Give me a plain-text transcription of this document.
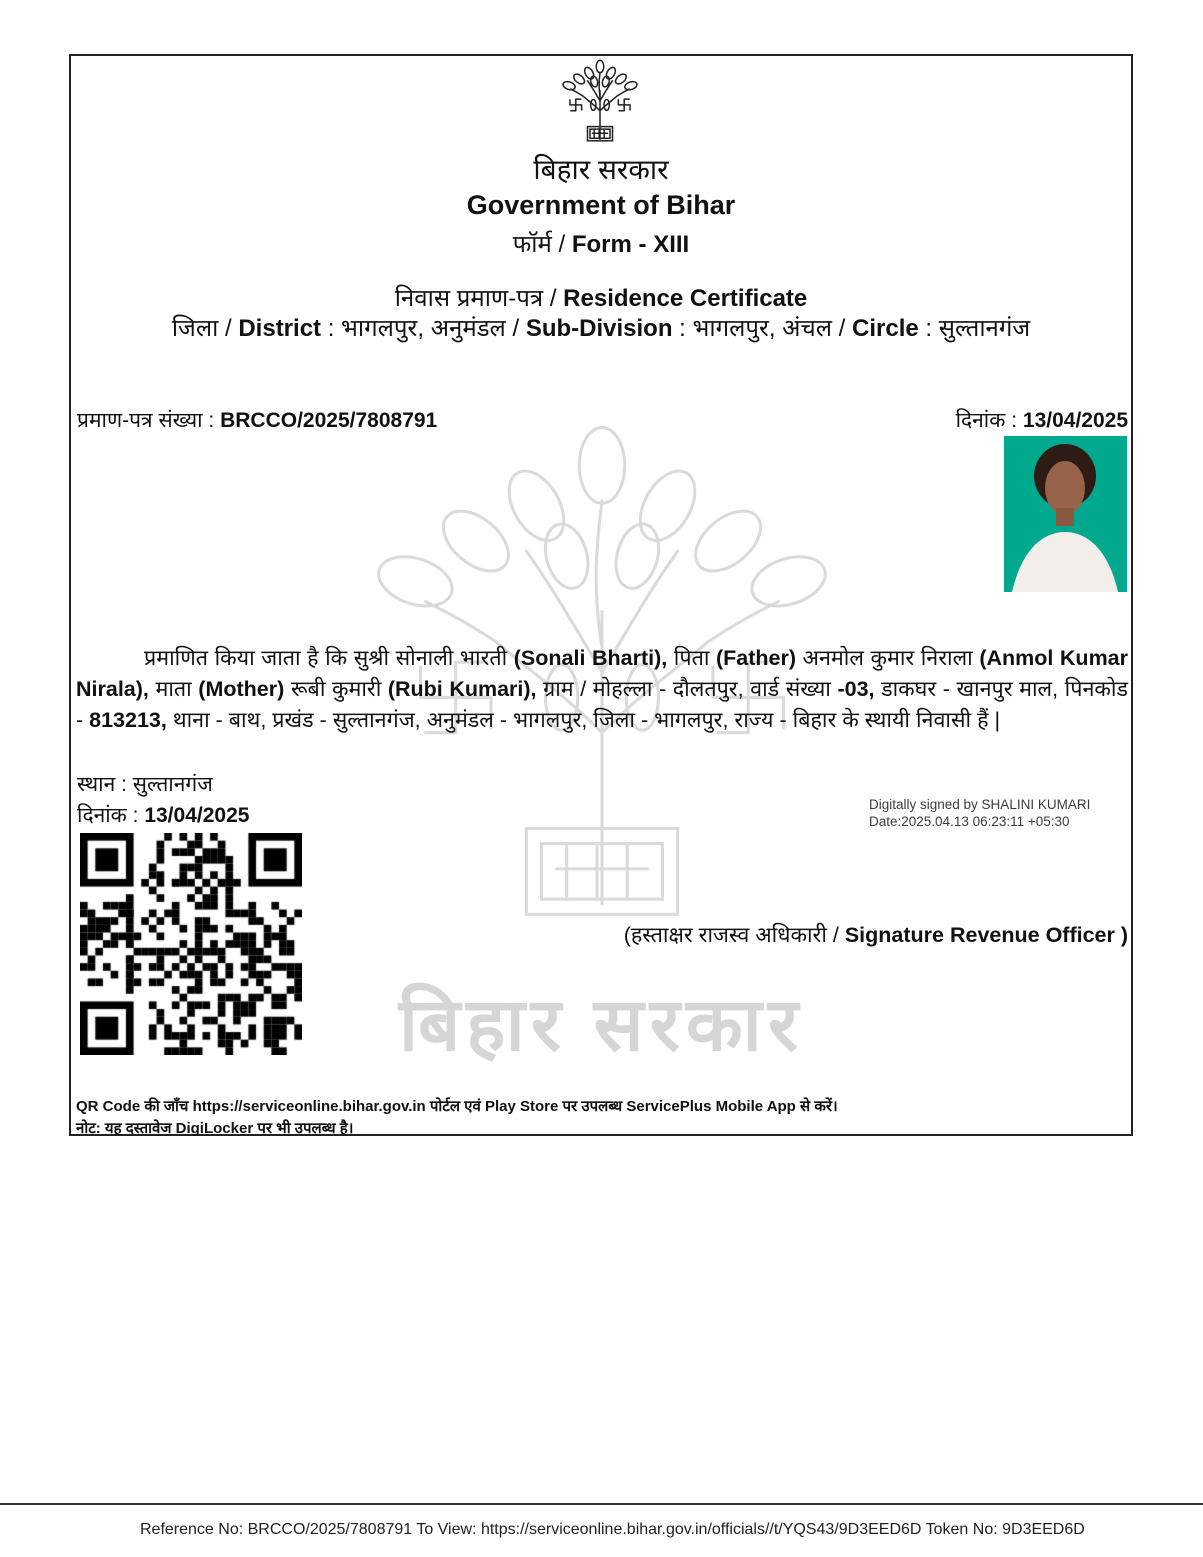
बिहार सरकार
बिहार सरकार
Government of Bihar
फॉर्म / Form - XIII
निवास प्रमाण-पत्र / Residence Certificate
जिला / District : भागलपुर, अनुमंडल / Sub-Division : भागलपुर, अंचल / Circle : सुल्तानगंज
प्रमाण-पत्र संख्या : BRCCO/2025/7808791	दिनांक : 13/04/2025
प्रमाणित किया जाता है कि सुश्री सोनाली भारती (Sonali Bharti), पिता (Father) अनमोल कुमार निराला (Anmol Kumar Nirala), माता (Mother) रूबी कुमारी (Rubi Kumari), ग्राम / मोहल्ला - दौलतपुर, वार्ड संख्या -03, डाकघर - खानपुर माल, पिनकोड - 813213, थाना - बाथ, प्रखंड - सुल्तानगंज, अनुमंडल - भागलपुर, जिला - भागलपुर, राज्य - बिहार के स्थायी निवासी हैं |
स्थान : सुल्तानगंज
दिनांक : 13/04/2025	Digitally signed by SHALINI KUMARI
Date:2025.04.13 06:23:11 +05:30
(हस्ताक्षर राजस्व अधिकारी / Signature Revenue Officer )
QR Code की जाँच https://serviceonline.bihar.gov.in पोर्टल एवं Play Store पर उपलब्ध ServicePlus Mobile App से करें।
नोट: यह दस्तावेज DigiLocker पर भी उपलब्ध है।
Reference No: BRCCO/2025/7808791 To View: https://serviceonline.bihar.gov.in/officials//t/YQS43/9D3EED6D Token No: 9D3EED6D
